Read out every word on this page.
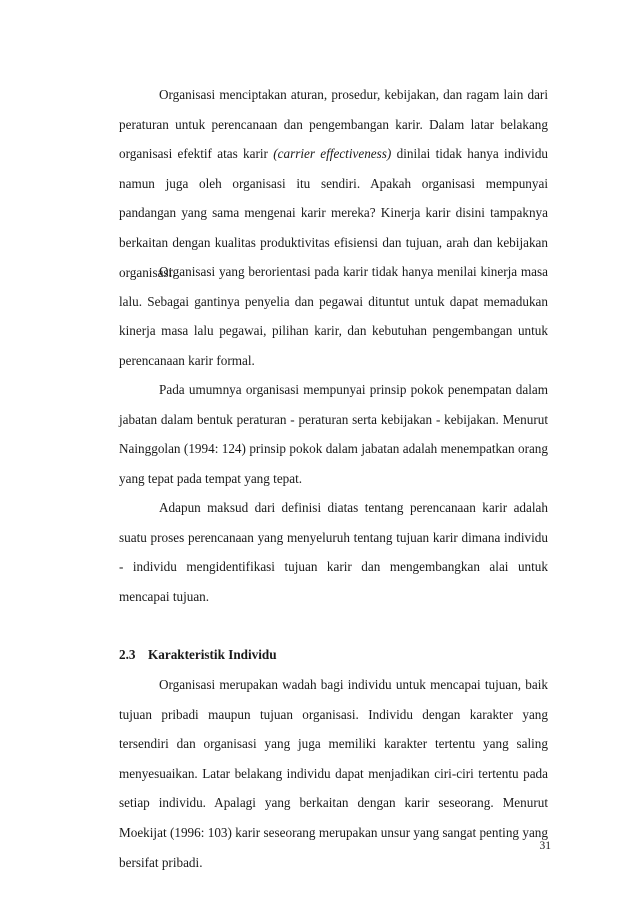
Organisasi menciptakan aturan, prosedur, kebijakan, dan ragam lain dari peraturan untuk perencanaan dan pengembangan karir. Dalam latar belakang organisasi efektif atas karir (carrier effectiveness) dinilai tidak hanya individu namun juga oleh organisasi itu sendiri. Apakah organisasi mempunyai pandangan yang sama mengenai karir mereka? Kinerja karir disini tampaknya berkaitan dengan kualitas produktivitas efisiensi dan tujuan, arah dan kebijakan organisasi.

Organisasi yang berorientasi pada karir tidak hanya menilai kinerja masa lalu. Sebagai gantinya penyelia dan pegawai dituntut untuk dapat memadukan kinerja masa lalu pegawai, pilihan karir, dan kebutuhan pengembangan untuk perencanaan karir formal.

Pada umumnya organisasi mempunyai prinsip pokok penempatan dalam jabatan dalam bentuk peraturan - peraturan serta kebijakan - kebijakan. Menurut Nainggolan (1994: 124) prinsip pokok dalam jabatan adalah menempatkan orang yang tepat pada tempat yang tepat.

Adapun maksud dari definisi diatas tentang perencanaan karir adalah suatu proses perencanaan yang menyeluruh tentang tujuan karir dimana individu - individu mengidentifikasi tujuan karir dan mengembangkan alai untuk mencapai tujuan.

2.3 Karakteristik Individu

Organisasi merupakan wadah bagi individu untuk mencapai tujuan, baik tujuan pribadi maupun tujuan organisasi. Individu dengan karakter yang tersendiri dan organisasi yang juga memiliki karakter tertentu yang saling menyesuaikan. Latar belakang individu dapat menjadikan ciri-ciri tertentu pada setiap individu. Apalagi yang berkaitan dengan karir seseorang. Menurut Moekijat (1996: 103) karir seseorang merupakan unsur yang sangat penting yang bersifat pribadi.

31
